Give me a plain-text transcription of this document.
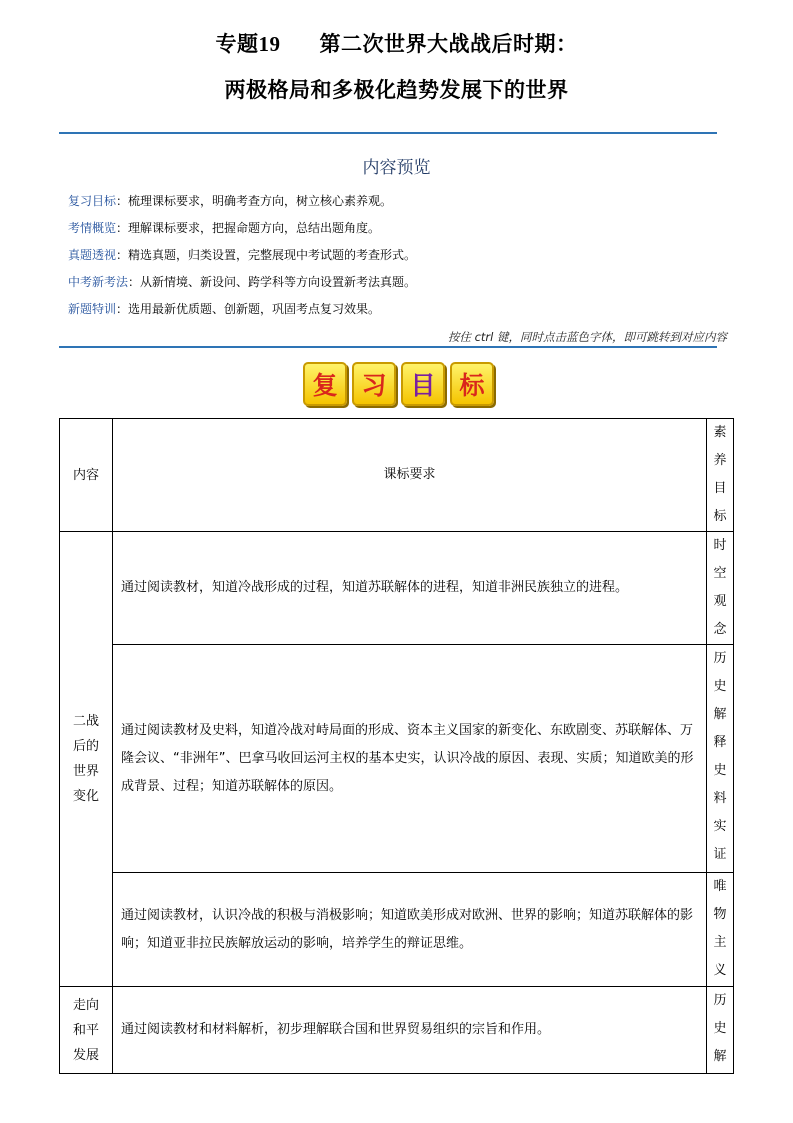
专题19 第二次世界大战战后时期：
两极格局和多极化趋势发展下的世界
内容预览
复习目标：梳理课标要求，明确考查方向，树立核心素养观。
考情概览：理解课标要求，把握命题方向，总结出题角度。
真题透视：精选真题，归类设置，完整展现中考试题的考查形式。
中考新考法：从新情境、新设问、跨学科等方向设置新考法真题。
新题特训：选用最新优质题、创新题，巩固考点复习效果。
按住 ctrl 键，同时点击蓝色字体，即可跳转到对应内容
复 习 目 标
内容	课标要求	素养目标

二战后的世界变化	通过阅读教材，知道冷战形成的过程，知道苏联解体的进程，知道非洲民族独立的进程。	时空观念

	通过阅读教材及史料，知道冷战对峙局面的形成、资本主义国家的新变化、东欧剧变、苏联解体、万隆会议、“非洲年”、巴拿马收回运河主权的基本史实，认识冷战的原因、表现、实质；知道欧美的形成背景、过程；知道苏联解体的原因。	历史解释史料实证

	通过阅读教材，认识冷战的积极与消极影响；知道欧美形成对欧洲、世界的影响；知道苏联解体的影响；知道亚非拉民族解放运动的影响，培养学生的辩证思维。	唯物主义

走向和平发展	通过阅读教材和材料解析，初步理解联合国和世界贸易组织的宗旨和作用。	历史解
